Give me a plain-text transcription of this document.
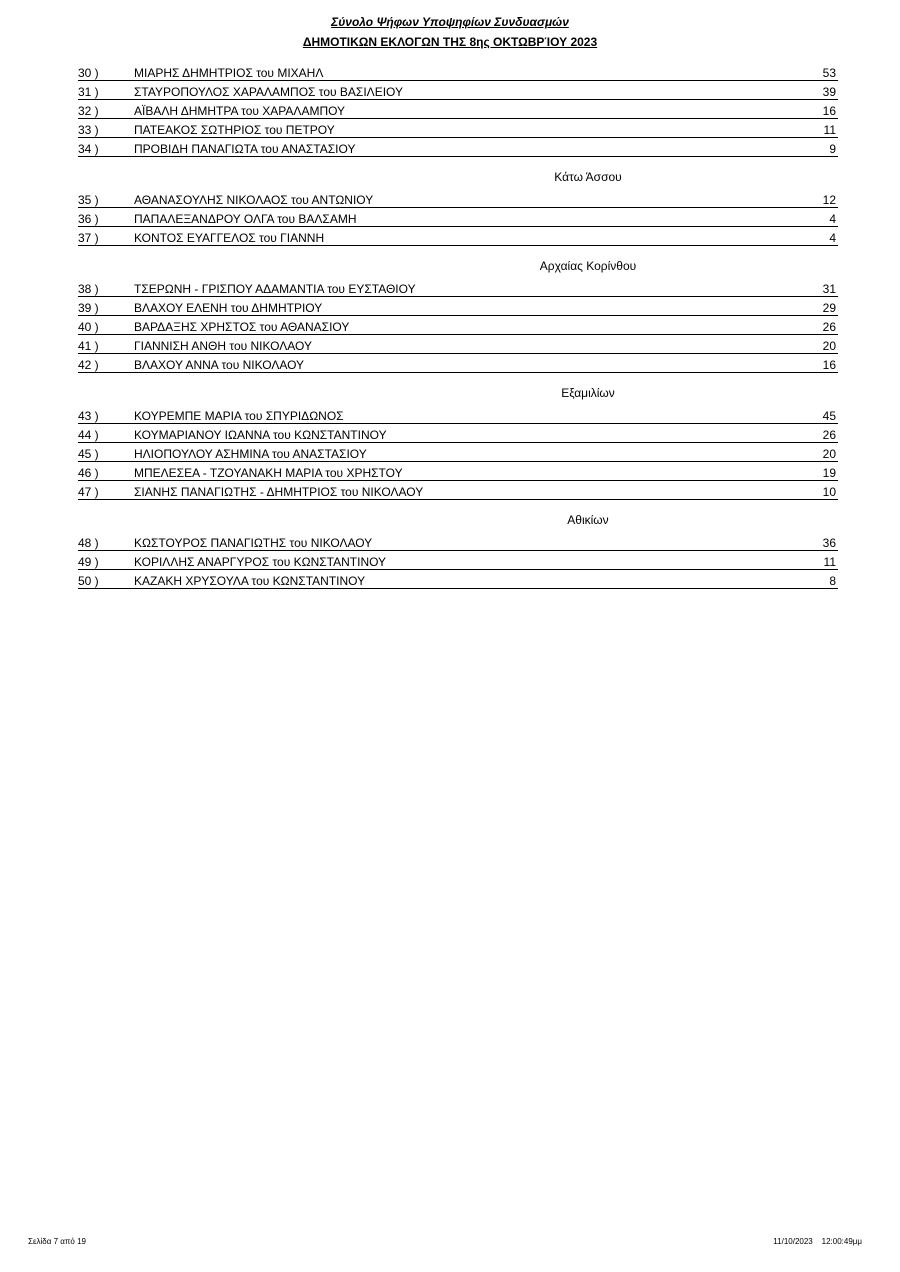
Σύνολο Ψήφων Υποψηφίων Συνδυασμών
ΔΗΜΟΤΙΚΩΝ ΕΚΛΟΓΩΝ ΤΗΣ 8ης ΟΚΤΩΒΡΊΟΥ 2023
30 )	ΜΙΑΡΗΣ ΔΗΜΗΤΡΙΟΣ του ΜΙΧΑΗΛ	53
31 )	ΣΤΑΥΡΟΠΟΥΛΟΣ ΧΑΡΑΛΑΜΠΟΣ του ΒΑΣΙΛΕΙΟΥ	39
32 )	ΑΪΒΑΛΗ ΔΗΜΗΤΡΑ του ΧΑΡΑΛΑΜΠΟΥ	16
33 )	ΠΑΤΕΑΚΟΣ ΣΩΤΗΡΙΟΣ του ΠΕΤΡΟΥ	11
34 )	ΠΡΟΒΙΔΗ ΠΑΝΑΓΙΩΤΑ του ΑΝΑΣΤΑΣΙΟΥ	9
Κάτω Άσσου
35 )	ΑΘΑΝΑΣΟΥΛΗΣ ΝΙΚΟΛΑΟΣ του ΑΝΤΩΝΙΟΥ	12
36 )	ΠΑΠΑΛΕΞΑΝΔΡΟΥ ΟΛΓΑ του ΒΑΛΣΑΜΗ	4
37 )	ΚΟΝΤΟΣ ΕΥΑΓΓΕΛΟΣ του ΓΙΑΝΝΗ	4
Αρχαίας Κορίνθου
38 )	ΤΣΕΡΩΝΗ - ΓΡΙΣΠΟΥ ΑΔΑΜΑΝΤΙΑ του ΕΥΣΤΑΘΙΟΥ	31
39 )	ΒΛΑΧΟΥ ΕΛΕΝΗ του ΔΗΜΗΤΡΙΟΥ	29
40 )	ΒΑΡΔΑΞΗΣ ΧΡΗΣΤΟΣ του ΑΘΑΝΑΣΙΟΥ	26
41 )	ΓΙΑΝΝΙΣΗ ΑΝΘΗ του ΝΙΚΟΛΑΟΥ	20
42 )	ΒΛΑΧΟΥ ΑΝΝΑ του ΝΙΚΟΛΑΟΥ	16
Εξαμιλίων
43 )	ΚΟΥΡΕΜΠΕ ΜΑΡΙΑ του ΣΠΥΡΙΔΩΝΟΣ	45
44 )	ΚΟΥΜΑΡΙΑΝΟΥ ΙΩΑΝΝΑ του ΚΩΝΣΤΑΝΤΙΝΟΥ	26
45 )	ΗΛΙΟΠΟΥΛΟΥ ΑΣΗΜΙΝΑ του ΑΝΑΣΤΑΣΙΟΥ	20
46 )	ΜΠΕΛΕΣΕΑ - ΤΖΟΥΑΝΑΚΗ ΜΑΡΙΑ του ΧΡΗΣΤΟΥ	19
47 )	ΣΙΑΝΗΣ ΠΑΝΑΓΙΩΤΗΣ - ΔΗΜΗΤΡΙΟΣ του ΝΙΚΟΛΑΟΥ	10
Αθικίων
48 )	ΚΩΣΤΟΥΡΟΣ ΠΑΝΑΓΙΩΤΗΣ του ΝΙΚΟΛΑΟΥ	36
49 )	ΚΟΡΙΛΛΗΣ ΑΝΑΡΓΥΡΟΣ του ΚΩΝΣΤΑΝΤΙΝΟΥ	11
50 )	ΚΑΖΑΚΗ ΧΡΥΣΟΥΛΑ του ΚΩΝΣΤΑΝΤΙΝΟΥ	8
Σελίδα 7 από 19	11/10/2023    12:00:49μμ
